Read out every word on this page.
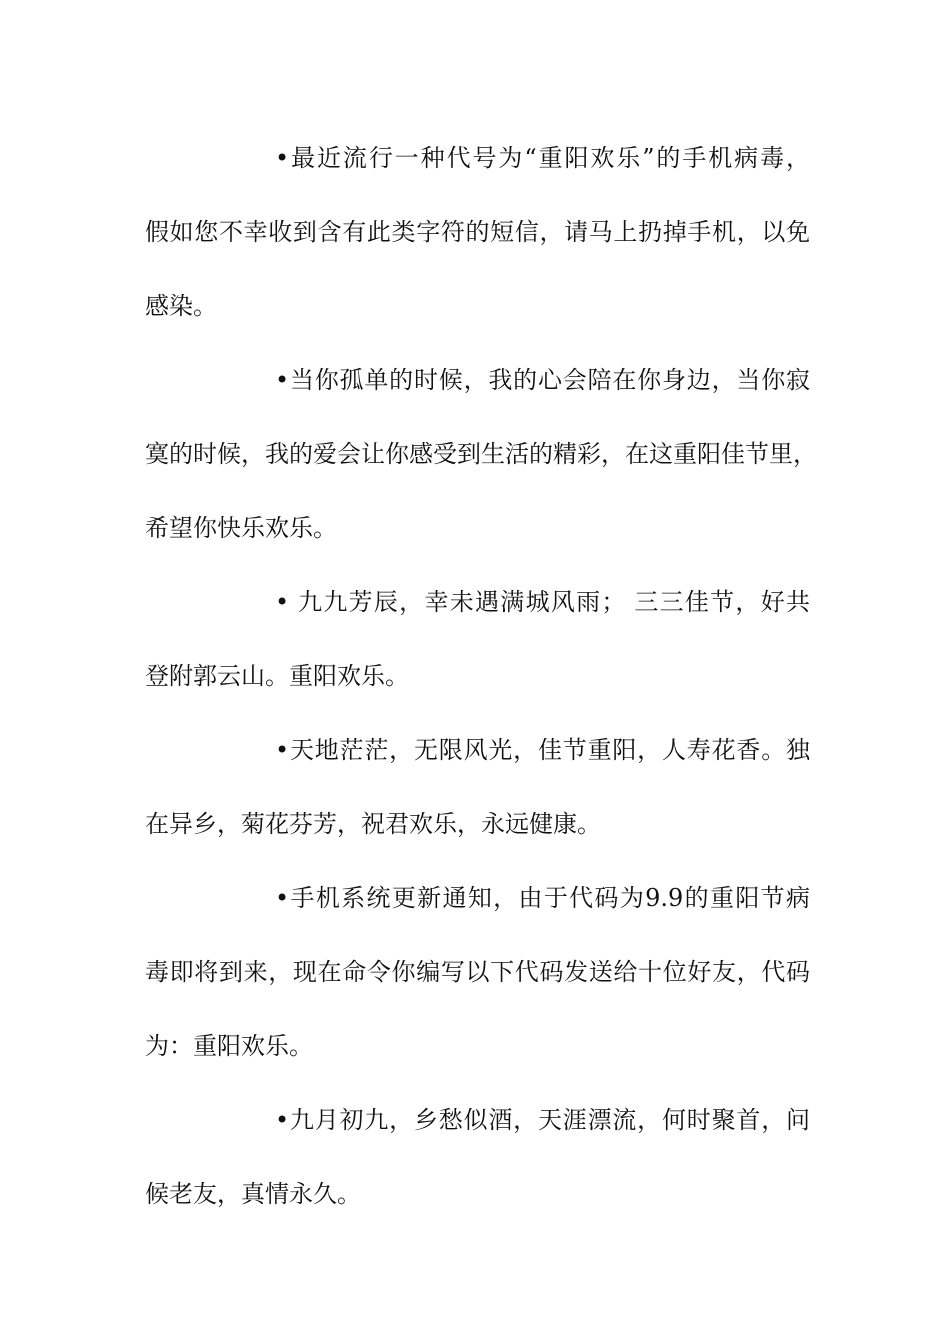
•最近流行一种代号为“重阳欢乐”的手机病毒，
假如您不幸收到含有此类字符的短信，请马上扔掉手机，以免
感染。
•当你孤单的时候，我的心会陪在你身边，当你寂
寞的时候，我的爱会让你感受到生活的精彩，在这重阳佳节里，
希望你快乐欢乐。
• 九九芳辰，幸未遇满城风雨； 三三佳节，好共
登附郭云山。重阳欢乐。
•天地茫茫，无限风光，佳节重阳，人寿花香。独
在异乡，菊花芬芳，祝君欢乐，永远健康。
•手机系统更新通知，由于代码为9.9的重阳节病
毒即将到来，现在命令你编写以下代码发送给十位好友，代码
为：重阳欢乐。
•九月初九，乡愁似酒，天涯漂流，何时聚首，问
候老友，真情永久。
